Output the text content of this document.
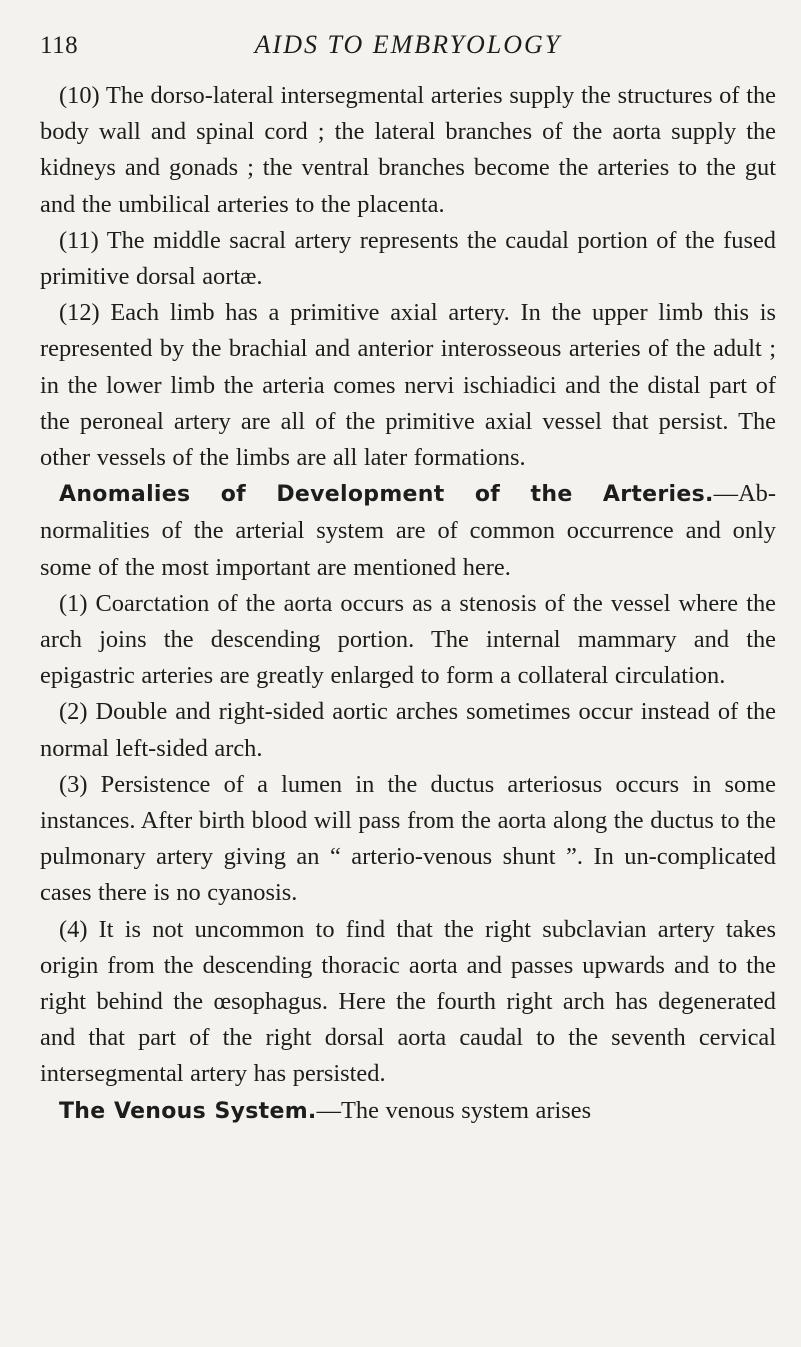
118	AIDS TO EMBRYOLOGY

(10) The dorso-lateral intersegmental arteries supply the structures of the body wall and spinal cord ; the lateral branches of the aorta supply the kidneys and gonads ; the ventral branches become the arteries to the gut and the umbilical arteries to the placenta.

(11) The middle sacral artery represents the caudal portion of the fused primitive dorsal aortæ.

(12) Each limb has a primitive axial artery. In the upper limb this is represented by the brachial and anterior interosseous arteries of the adult ; in the lower limb the arteria comes nervi ischiadici and the distal part of the peroneal artery are all of the primitive axial vessel that persist. The other vessels of the limbs are all later formations.

Anomalies of Development of the Arteries.—Ab-normalities of the arterial system are of common occurrence and only some of the most important are mentioned here.

(1) Coarctation of the aorta occurs as a stenosis of the vessel where the arch joins the descending portion. The internal mammary and the epigastric arteries are greatly enlarged to form a collateral circulation.

(2) Double and right-sided aortic arches sometimes occur instead of the normal left-sided arch.

(3) Persistence of a lumen in the ductus arteriosus occurs in some instances. After birth blood will pass from the aorta along the ductus to the pulmonary artery giving an “ arterio-venous shunt ”. In un-complicated cases there is no cyanosis.

(4) It is not uncommon to find that the right subclavian artery takes origin from the descending thoracic aorta and passes upwards and to the right behind the œsophagus. Here the fourth right arch has degenerated and that part of the right dorsal aorta caudal to the seventh cervical intersegmental artery has persisted.

The Venous System.—The venous system arises
